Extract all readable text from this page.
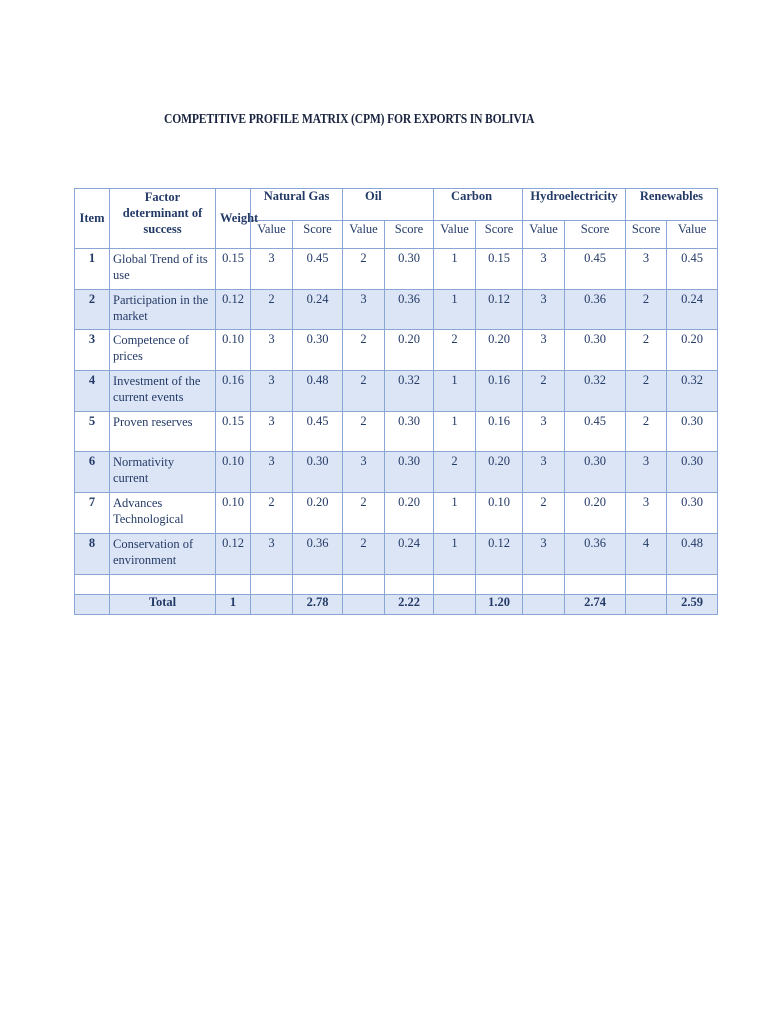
COMPETITIVE PROFILE MATRIX (CPM) FOR EXPORTS IN BOLIVIA
Item	Factor determinant of success	Weight	Natural Gas		Oil		Carbon		Hydroelectricity		Renewables	
			Value	Score	Value	Score	Value	Score	Value	Score	Score	Value
1	Global Trend of its use	0.15	3	0.45	2	0.30	1	0.15	3	0.45	3	0.45
2	Participation in the market	0.12	2	0.24	3	0.36	1	0.12	3	0.36	2	0.24
3	Competence of prices	0.10	3	0.30	2	0.20	2	0.20	3	0.30	2	0.20
4	Investment of the current events	0.16	3	0.48	2	0.32	1	0.16	2	0.32	2	0.32
5	Proven reserves	0.15	3	0.45	2	0.30	1	0.16	3	0.45	2	0.30
6	Normativity current	0.10	3	0.30	3	0.30	2	0.20	3	0.30	3	0.30
7	Advances Technological	0.10	2	0.20	2	0.20	1	0.10	2	0.20	3	0.30
8	Conservation of environment	0.12	3	0.36	2	0.24	1	0.12	3	0.36	4	0.48

	Total	1		2.78		2.22		1.20		2.74		2.59
